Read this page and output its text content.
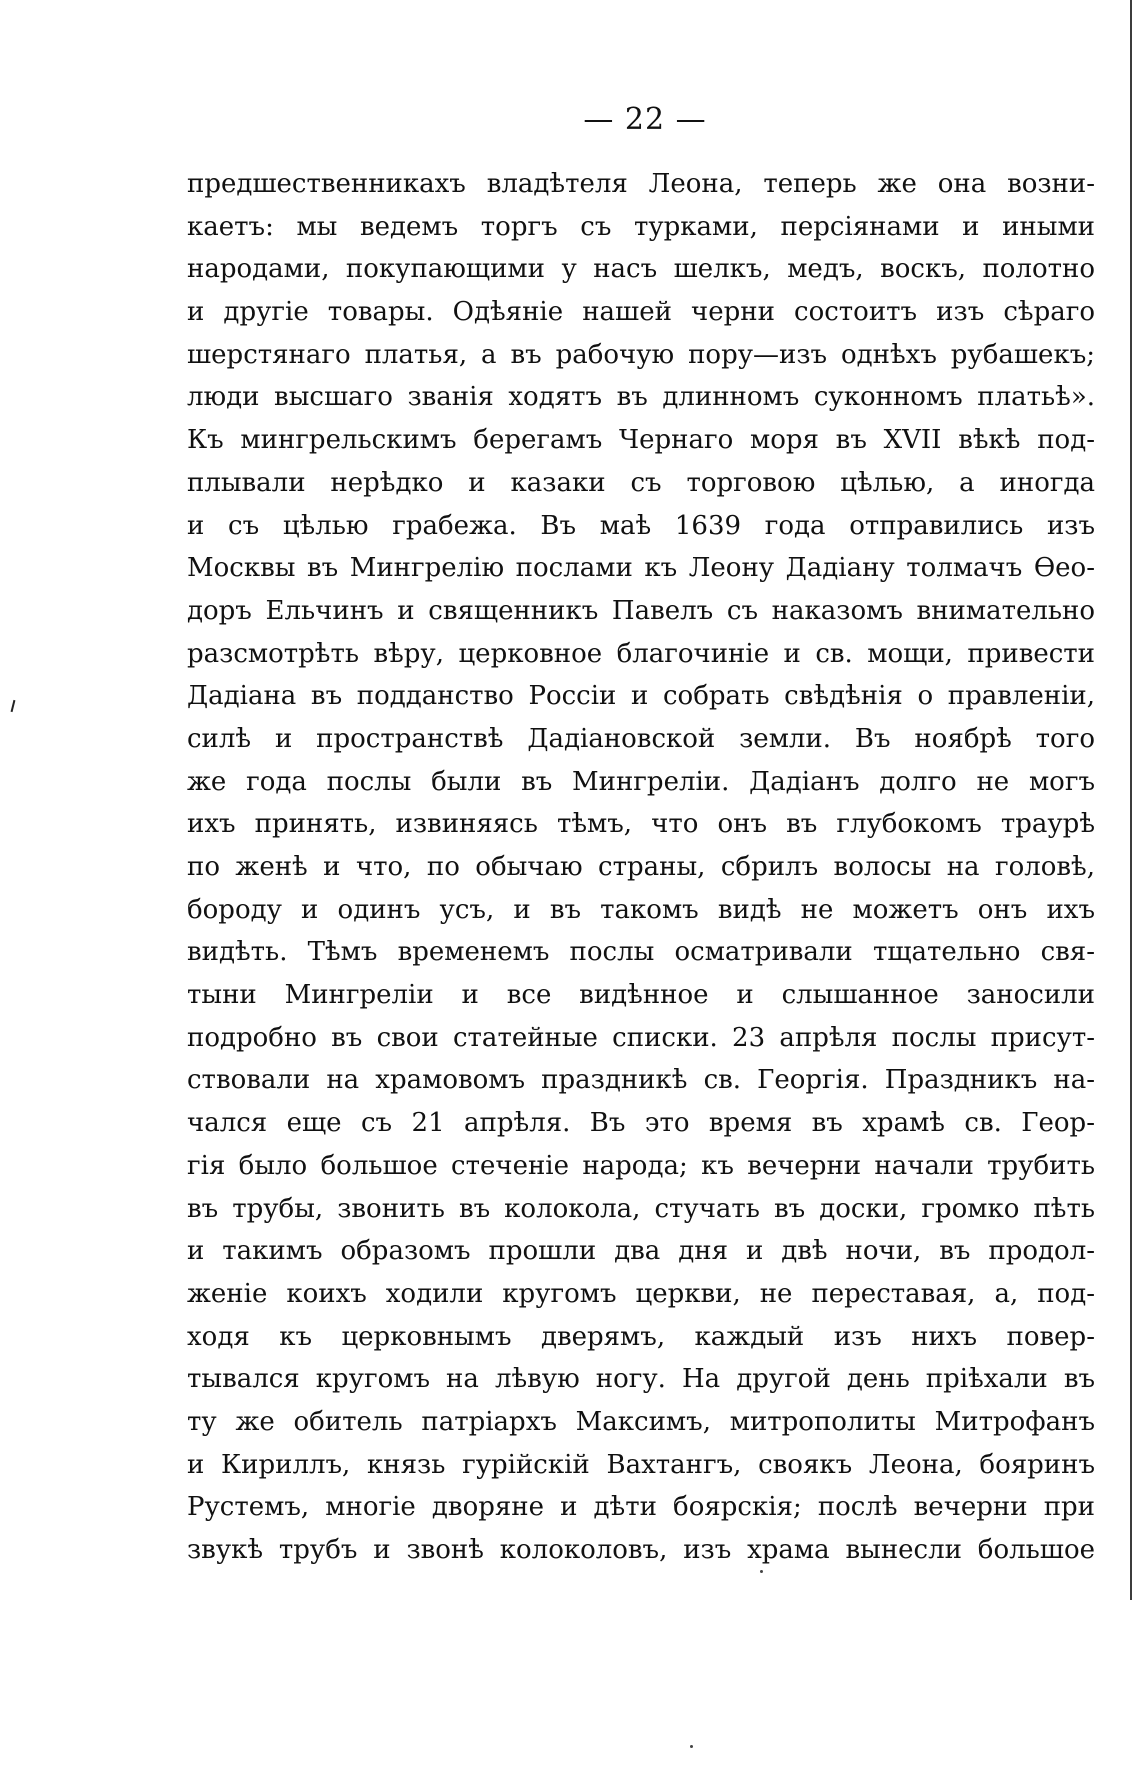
— 22 —
предшественникахъ владѣтеля Леона, теперь же она возни-
каетъ: мы ведемъ торгъ съ турками, персіянами и иными
народами, покупающими у насъ шелкъ, медъ, воскъ, полотно
и другіе товары. Одѣяніе нашей черни состоитъ изъ сѣраго
шерстянаго платья, а въ рабочую пору—изъ однѣхъ рубашекъ;
люди высшаго званія ходятъ въ длинномъ суконномъ платьѣ».
Къ мингрельскимъ берегамъ Чернаго моря въ XVII вѣкѣ под-
плывали нерѣдко и казаки съ торговою цѣлью, а иногда
и съ цѣлью грабежа. Въ маѣ 1639 года отправились изъ
Москвы въ Мингрелію послами къ Леону Дадіану толмачъ Ѳео-
доръ Ельчинъ и священникъ Павелъ съ наказомъ внимательно
разсмотрѣть вѣру, церковное благочиніе и св. мощи, привести
Дадіана въ подданство Россіи и собрать свѣдѣнія о правленіи,
силѣ и пространствѣ Дадіановской земли. Въ ноябрѣ того
же года послы были въ Мингреліи. Дадіанъ долго не могъ
ихъ принять, извиняясь тѣмъ, что онъ въ глубокомъ траурѣ
по женѣ и что, по обычаю страны, сбрилъ волосы на головѣ,
бороду и одинъ усъ, и въ такомъ видѣ не можетъ онъ ихъ
видѣть. Тѣмъ временемъ послы осматривали тщательно свя-
тыни Мингреліи и все видѣнное и слышанное заносили
подробно въ свои статейные списки. 23 апрѣля послы присут-
ствовали на храмовомъ праздникѣ св. Георгія. Праздникъ на-
чался еще съ 21 апрѣля. Въ это время въ храмѣ св. Геор-
гія было большое стеченіе народа; къ вечерни начали трубить
въ трубы, звонить въ колокола, стучать въ доски, громко пѣть
и такимъ образомъ прошли два дня и двѣ ночи, въ продол-
женіе коихъ ходили кругомъ церкви, не переставая, а, под-
ходя къ церковнымъ дверямъ, каждый изъ нихъ повер-
тывался кругомъ на лѣвую ногу. На другой день пріѣхали въ
ту же обитель патріархъ Максимъ, митрополиты Митрофанъ
и Кириллъ, князь гурійскій Вахтангъ, своякъ Леона, бояринъ
Рустемъ, многіе дворяне и дѣти боярскія; послѣ вечерни при
звукѣ трубъ и звонѣ колоколовъ, изъ храма вынесли большое
